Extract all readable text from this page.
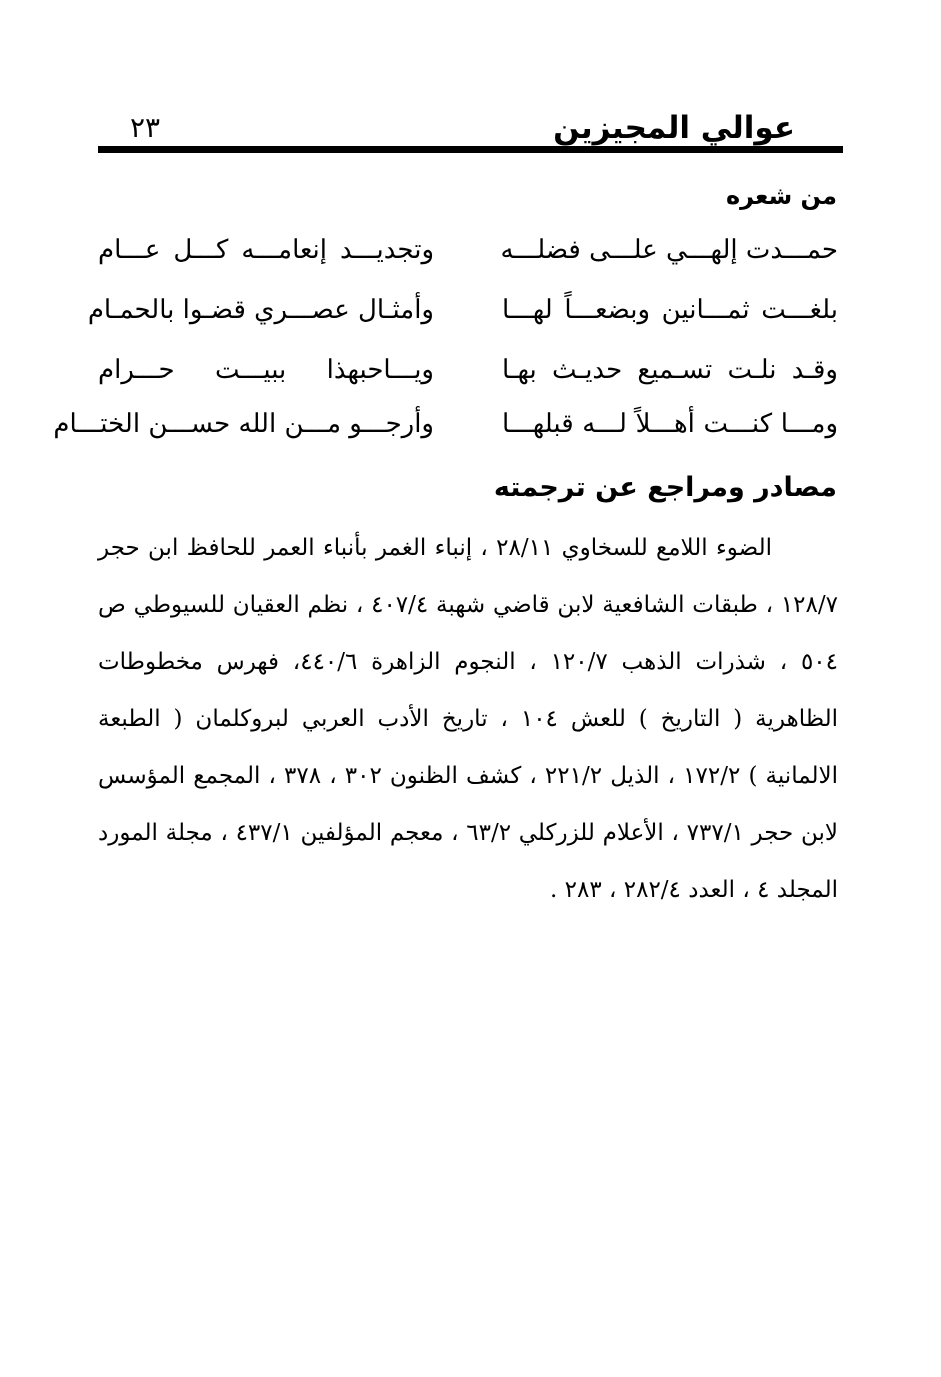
عوالي المجيزين
٢٣
من شعره
حمـــدت إلهـــي علـــى فضلـــه
وتجديـــد إنعامـــه كـــل عـــام
بلغـــت ثمـــانين وبضعـــاً لهـــا
وأمثـال عصـــري قضـوا بالحمـام
وقـد نلـت تسـميع حديـث بهـا
ويـــاحبهذا ببيـــت حـــرام
ومـــا كنـــت أهـــلاً لـــه قبلهـــا
وأرجـــو مـــن الله حســـن الختـــام
مصادر ومراجع عن ترجمته

الضوء اللامع للسخاوي ٢٨/١١ ، إنباء الغمر بأنباء العمر للحافظ ابن حجر ١٢٨/٧ ، طبقات الشافعية لابن قاضي شهبة ٤٠٧/٤ ، نظم العقيان للسيوطي ص ٥٠٤ ، شذرات الذهب ١٢٠/٧ ، النجوم الزاهرة ٤٤٠/٦، فهرس مخطوطات الظاهرية ( التاريخ ) للعش ١٠٤ ، تاريخ الأدب العربي لبروكلمان ( الطبعة الالمانية ) ١٧٢/٢ ، الذيل ٢٢١/٢ ، كشف الظنون ٣٠٢ ، ٣٧٨ ، المجمع المؤسس لابن حجر ٧٣٧/١ ، الأعلام للزركلي ٦٣/٢ ، معجم المؤلفين ٤٣٧/١ ، مجلة المورد المجلد ٤ ، العدد ٢٨٢/٤ ، ٢٨٣ .
